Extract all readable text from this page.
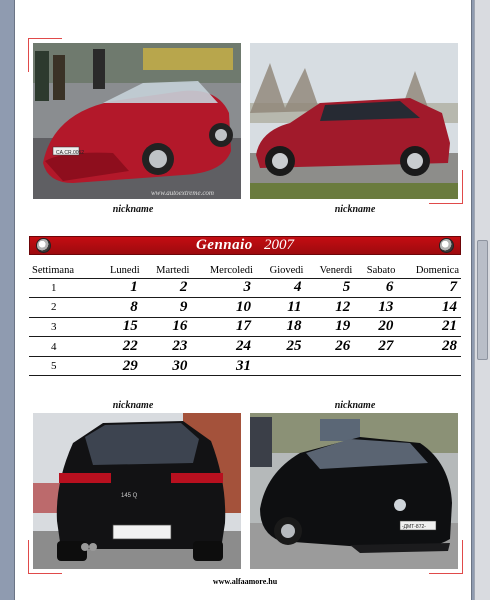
CA.CR.0052
www.autoextreme.com
nickname	nickname
Gennaio 2007
Settimana	Lunedi	Martedi	Mercoledi	Giovedi	Venerdi	Sabato	Domenica
1	1	2	3	4	5	6	7
2	8	9	10	11	12	13	14
3	15	16	17	18	19	20	21
4	22	23	24	25	26	27	28
5	29	30	31				
nickname	nickname
145 Q
-ДМТ-872-
www.alfaamore.hu
